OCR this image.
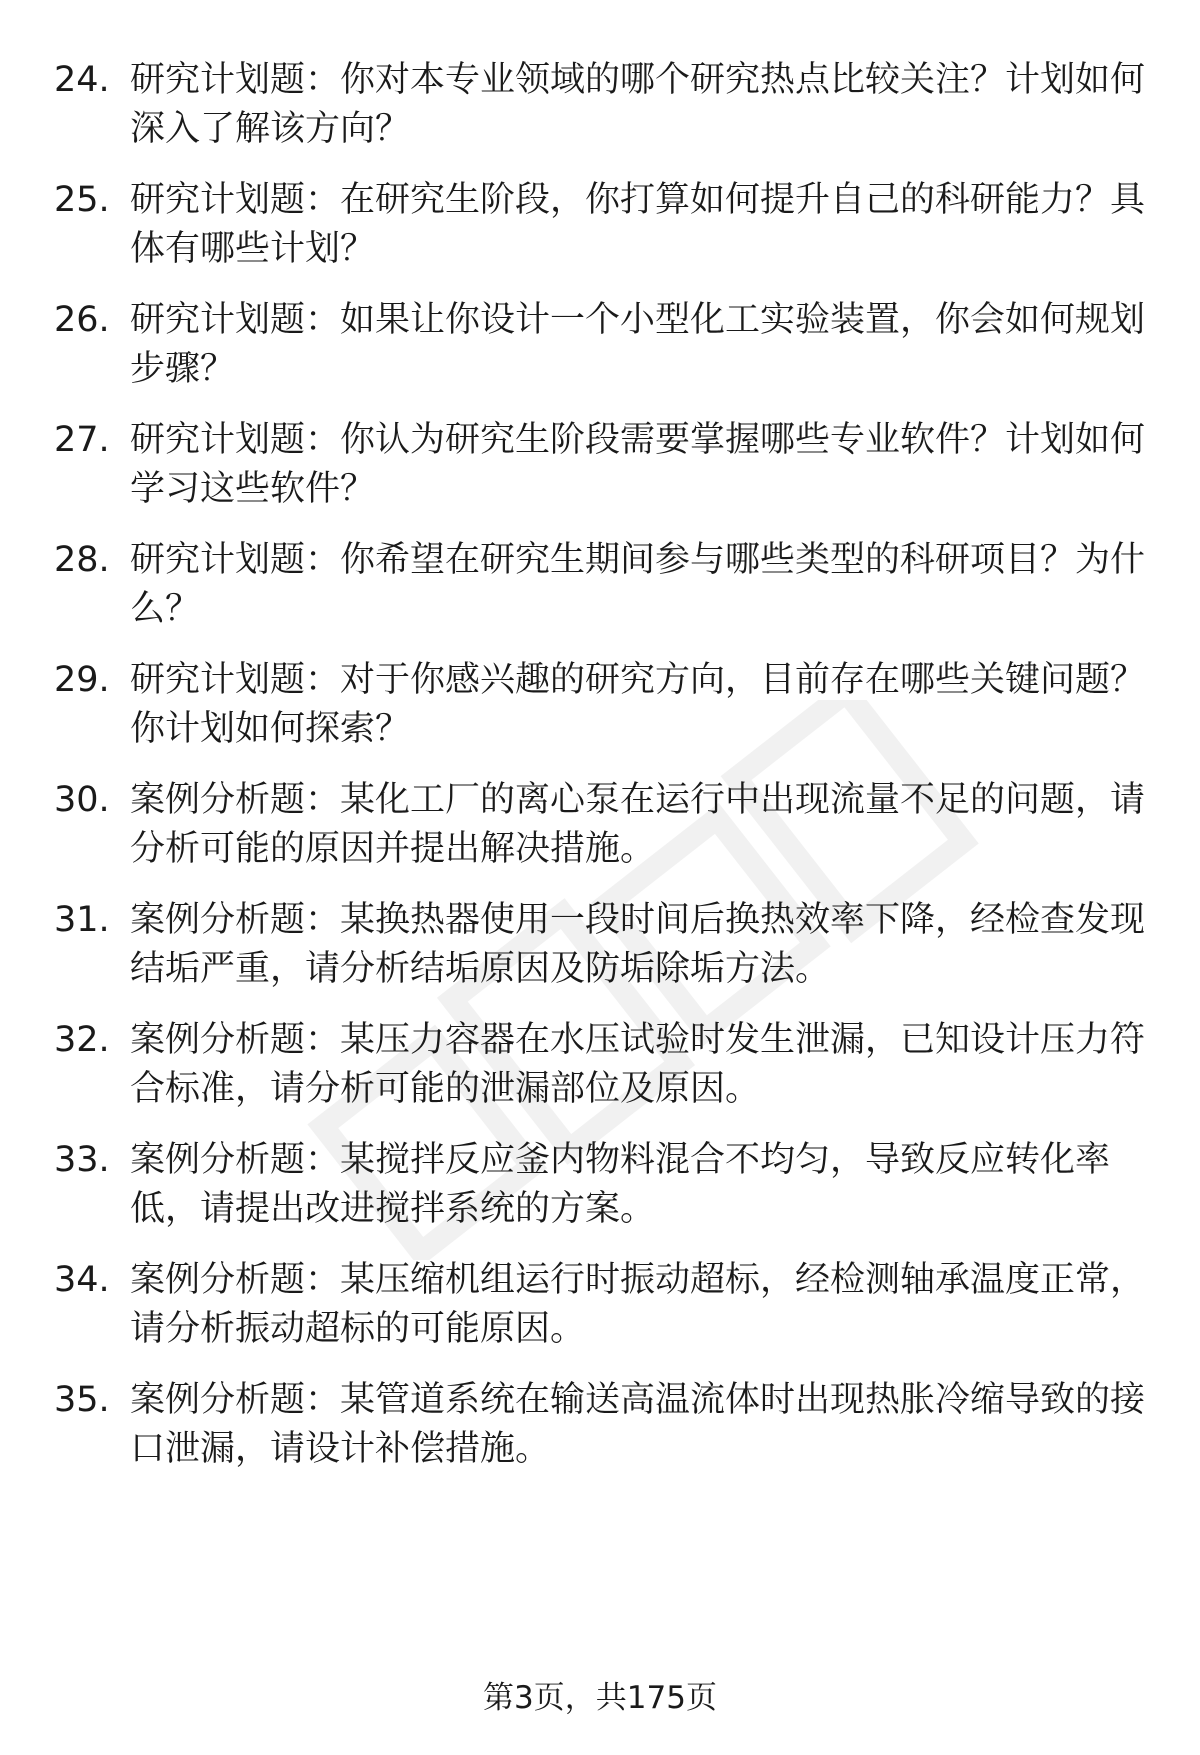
24. 研究计划题：你对本专业领域的哪个研究热点比较关注？计划如何深入了解该方向？
25. 研究计划题：在研究生阶段，你打算如何提升自己的科研能力？具体有哪些计划？
26. 研究计划题：如果让你设计一个小型化工实验装置，你会如何规划步骤？
27. 研究计划题：你认为研究生阶段需要掌握哪些专业软件？计划如何学习这些软件？
28. 研究计划题：你希望在研究生期间参与哪些类型的科研项目？为什么？
29. 研究计划题：对于你感兴趣的研究方向，目前存在哪些关键问题？你计划如何探索？
30. 案例分析题：某化工厂的离心泵在运行中出现流量不足的问题，请分析可能的原因并提出解决措施。
31. 案例分析题：某换热器使用一段时间后换热效率下降，经检查发现结垢严重，请分析结垢原因及防垢除垢方法。
32. 案例分析题：某压力容器在水压试验时发生泄漏，已知设计压力符合标准，请分析可能的泄漏部位及原因。
33. 案例分析题：某搅拌反应釜内物料混合不均匀，导致反应转化率低，请提出改进搅拌系统的方案。
34. 案例分析题：某压缩机组运行时振动超标，经检测轴承温度正常，请分析振动超标的可能原因。
35. 案例分析题：某管道系统在输送高温流体时出现热胀冷缩导致的接口泄漏，请设计补偿措施。
第3页，共175页
